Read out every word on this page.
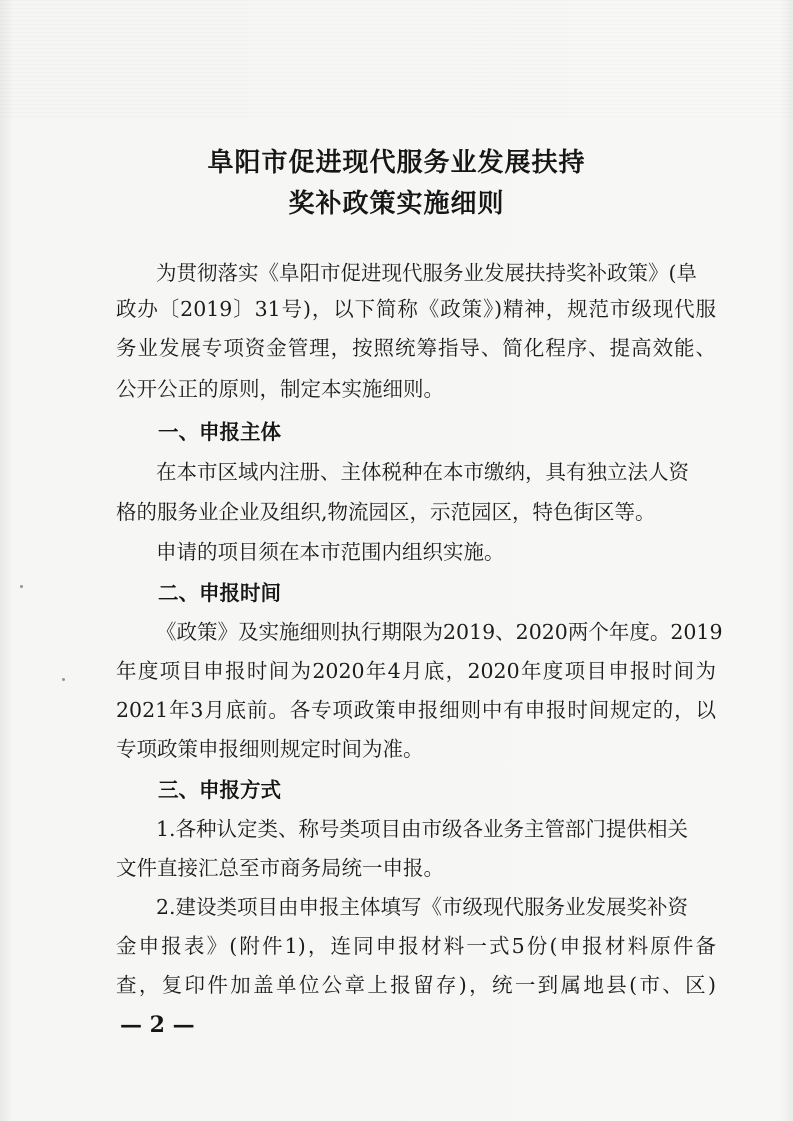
阜阳市促进现代服务业发展扶持
奖补政策实施细则

为贯彻落实《阜阳市促进现代服务业发展扶持奖补政策》(阜

政办〔2019〕31号)，以下简称《政策》)精神，规范市级现代服

务业发展专项资金管理，按照统筹指导、简化程序、提高效能、

公开公正的原则，制定本实施细则。

一、申报主体

在本市区域内注册、主体税种在本市缴纳，具有独立法人资

格的服务业企业及组织,物流园区，示范园区，特色街区等。

申请的项目须在本市范围内组织实施。

二、申报时间

《政策》及实施细则执行期限为2019、2020两个年度。2019

年度项目申报时间为2020年4月底，2020年度项目申报时间为

2021年3月底前。各专项政策申报细则中有申报时间规定的，以

专项政策申报细则规定时间为准。

三、申报方式

1.各种认定类、称号类项目由市级各业务主管部门提供相关

文件直接汇总至市商务局统一申报。

2.建设类项目由申报主体填写《市级现代服务业发展奖补资

金申报表》(附件1)，连同申报材料一式5份(申报材料原件备

查，复印件加盖单位公章上报留存)，统一到属地县(市、区)

— 2 —
